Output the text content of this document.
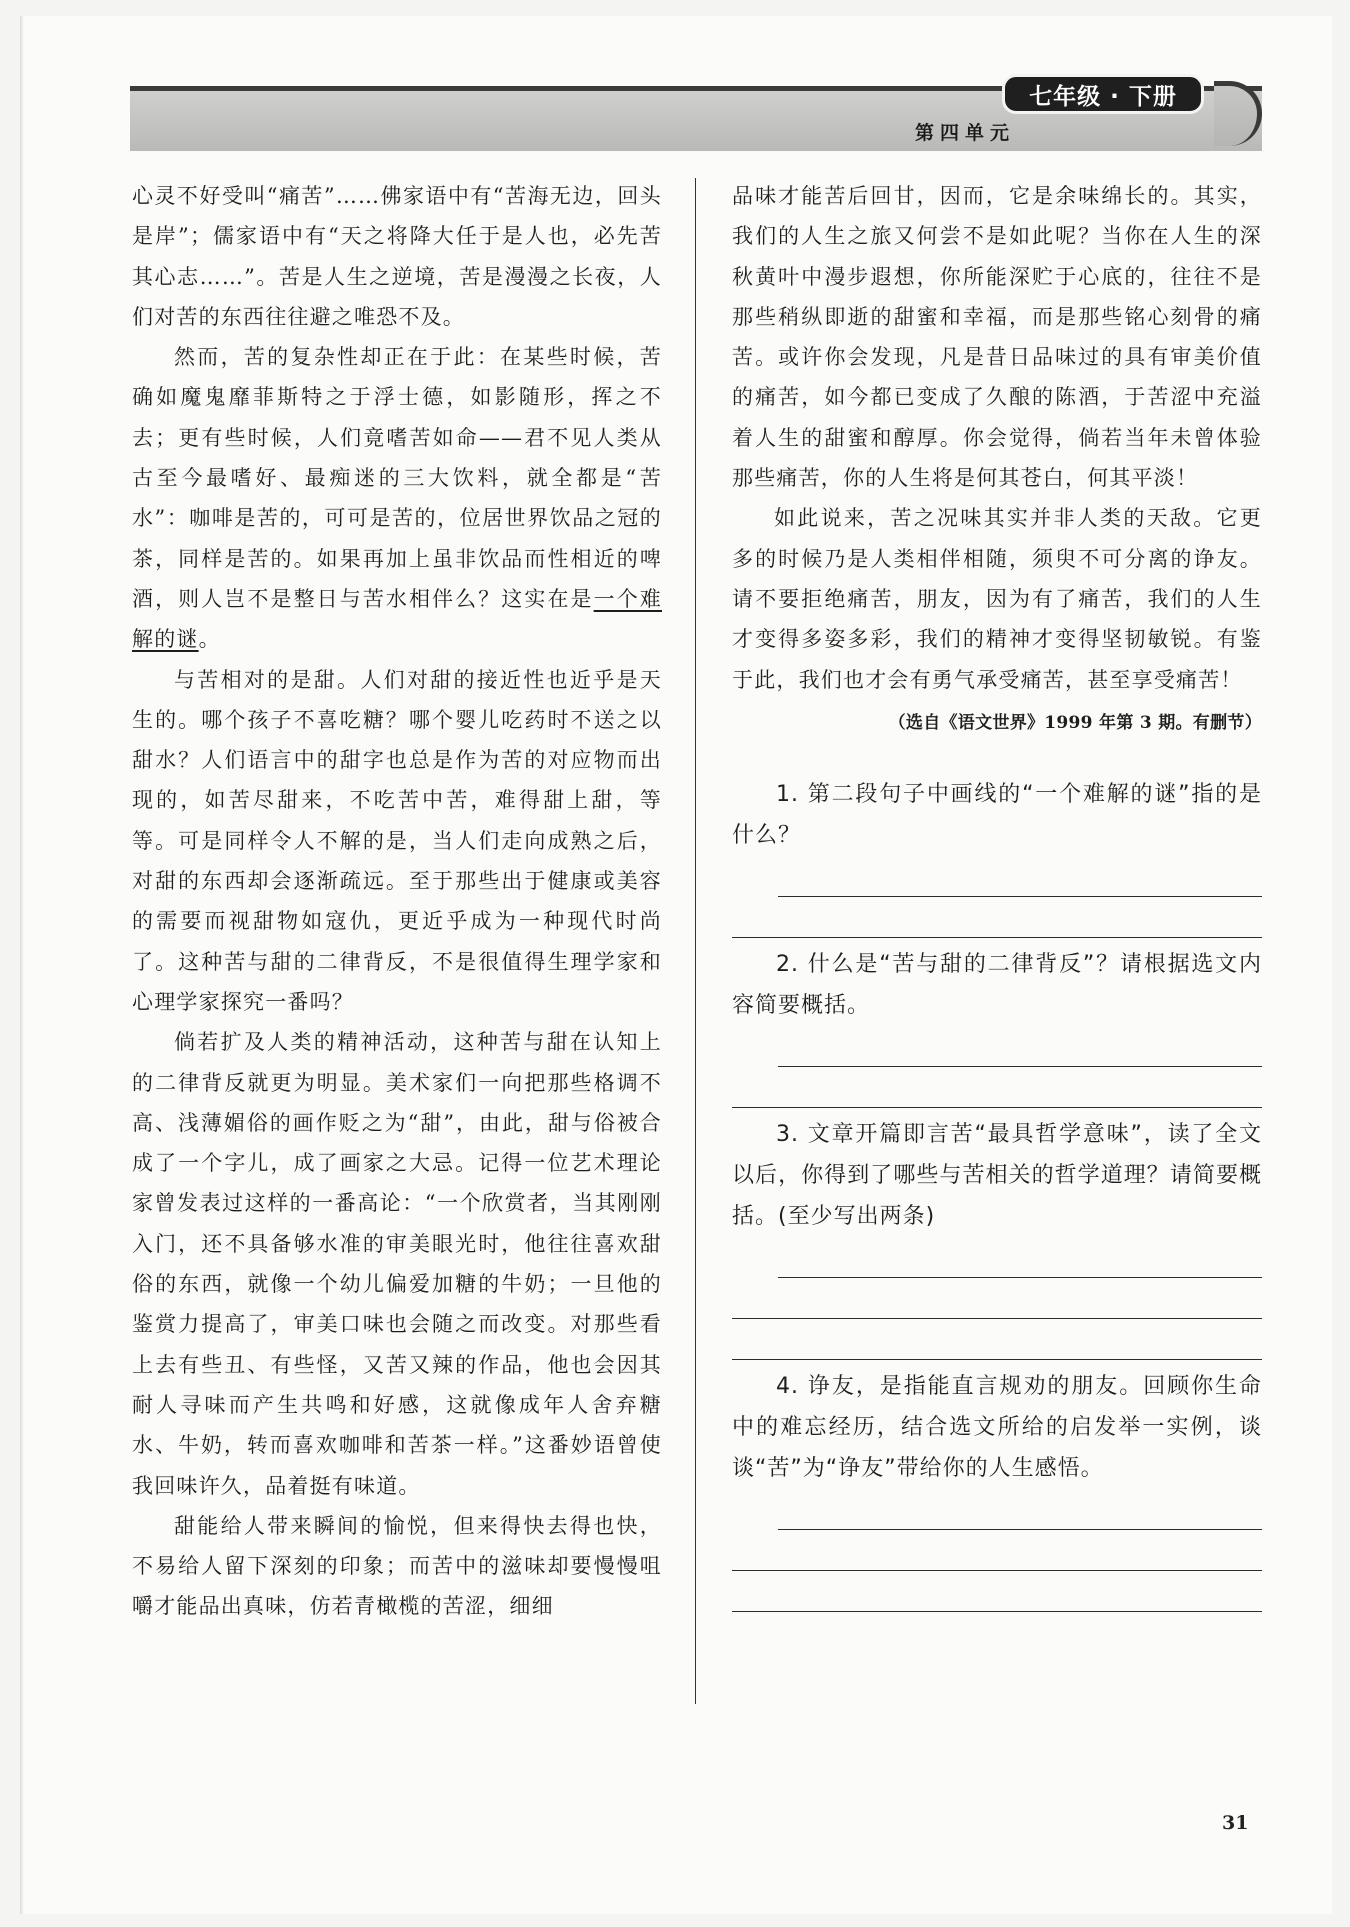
七年级 · 下册
第四单元

心灵不好受叫“痛苦”……佛家语中有“苦海无边，回头是岸”；儒家语中有“天之将降大任于是人也，必先苦其心志……”。苦是人生之逆境，苦是漫漫之长夜，人们对苦的东西往往避之唯恐不及。

然而，苦的复杂性却正在于此：在某些时候，苦确如魔鬼靡菲斯特之于浮士德，如影随形，挥之不去；更有些时候，人们竟嗜苦如命——君不见人类从古至今最嗜好、最痴迷的三大饮料，就全都是“苦水”：咖啡是苦的，可可是苦的，位居世界饮品之冠的茶，同样是苦的。如果再加上虽非饮品而性相近的啤酒，则人岂不是整日与苦水相伴么？这实在是一个难解的谜。

与苦相对的是甜。人们对甜的接近性也近乎是天生的。哪个孩子不喜吃糖？哪个婴儿吃药时不送之以甜水？人们语言中的甜字也总是作为苦的对应物而出现的，如苦尽甜来，不吃苦中苦，难得甜上甜，等等。可是同样令人不解的是，当人们走向成熟之后，对甜的东西却会逐渐疏远。至于那些出于健康或美容的需要而视甜物如寇仇，更近乎成为一种现代时尚了。这种苦与甜的二律背反，不是很值得生理学家和心理学家探究一番吗？

倘若扩及人类的精神活动，这种苦与甜在认知上的二律背反就更为明显。美术家们一向把那些格调不高、浅薄媚俗的画作贬之为“甜”，由此，甜与俗被合成了一个字儿，成了画家之大忌。记得一位艺术理论家曾发表过这样的一番高论：“一个欣赏者，当其刚刚入门，还不具备够水准的审美眼光时，他往往喜欢甜俗的东西，就像一个幼儿偏爱加糖的牛奶；一旦他的鉴赏力提高了，审美口味也会随之而改变。对那些看上去有些丑、有些怪，又苦又辣的作品，他也会因其耐人寻味而产生共鸣和好感，这就像成年人舍弃糖水、牛奶，转而喜欢咖啡和苦茶一样。”这番妙语曾使我回味许久，品着挺有味道。

甜能给人带来瞬间的愉悦，但来得快去得也快，不易给人留下深刻的印象；而苦中的滋味却要慢慢咀嚼才能品出真味，仿若青橄榄的苦涩，细细

品味才能苦后回甘，因而，它是余味绵长的。其实，我们的人生之旅又何尝不是如此呢？当你在人生的深秋黄叶中漫步遐想，你所能深贮于心底的，往往不是那些稍纵即逝的甜蜜和幸福，而是那些铭心刻骨的痛苦。或许你会发现，凡是昔日品味过的具有审美价值的痛苦，如今都已变成了久酿的陈酒，于苦涩中充溢着人生的甜蜜和醇厚。你会觉得，倘若当年未曾体验那些痛苦，你的人生将是何其苍白，何其平淡！

如此说来，苦之况味其实并非人类的天敌。它更多的时候乃是人类相伴相随，须臾不可分离的诤友。请不要拒绝痛苦，朋友，因为有了痛苦，我们的人生才变得多姿多彩，我们的精神才变得坚韧敏锐。有鉴于此，我们也才会有勇气承受痛苦，甚至享受痛苦！

（选自《语文世界》1999 年第 3 期。有删节）

1. 第二段句子中画线的“一个难解的谜”指的是什么？

2. 什么是“苦与甜的二律背反”？请根据选文内容简要概括。

3. 文章开篇即言苦“最具哲学意味”，读了全文以后，你得到了哪些与苦相关的哲学道理？请简要概括。(至少写出两条)

4. 诤友，是指能直言规劝的朋友。回顾你生命中的难忘经历，结合选文所给的启发举一实例，谈谈“苦”为“诤友”带给你的人生感悟。

31
